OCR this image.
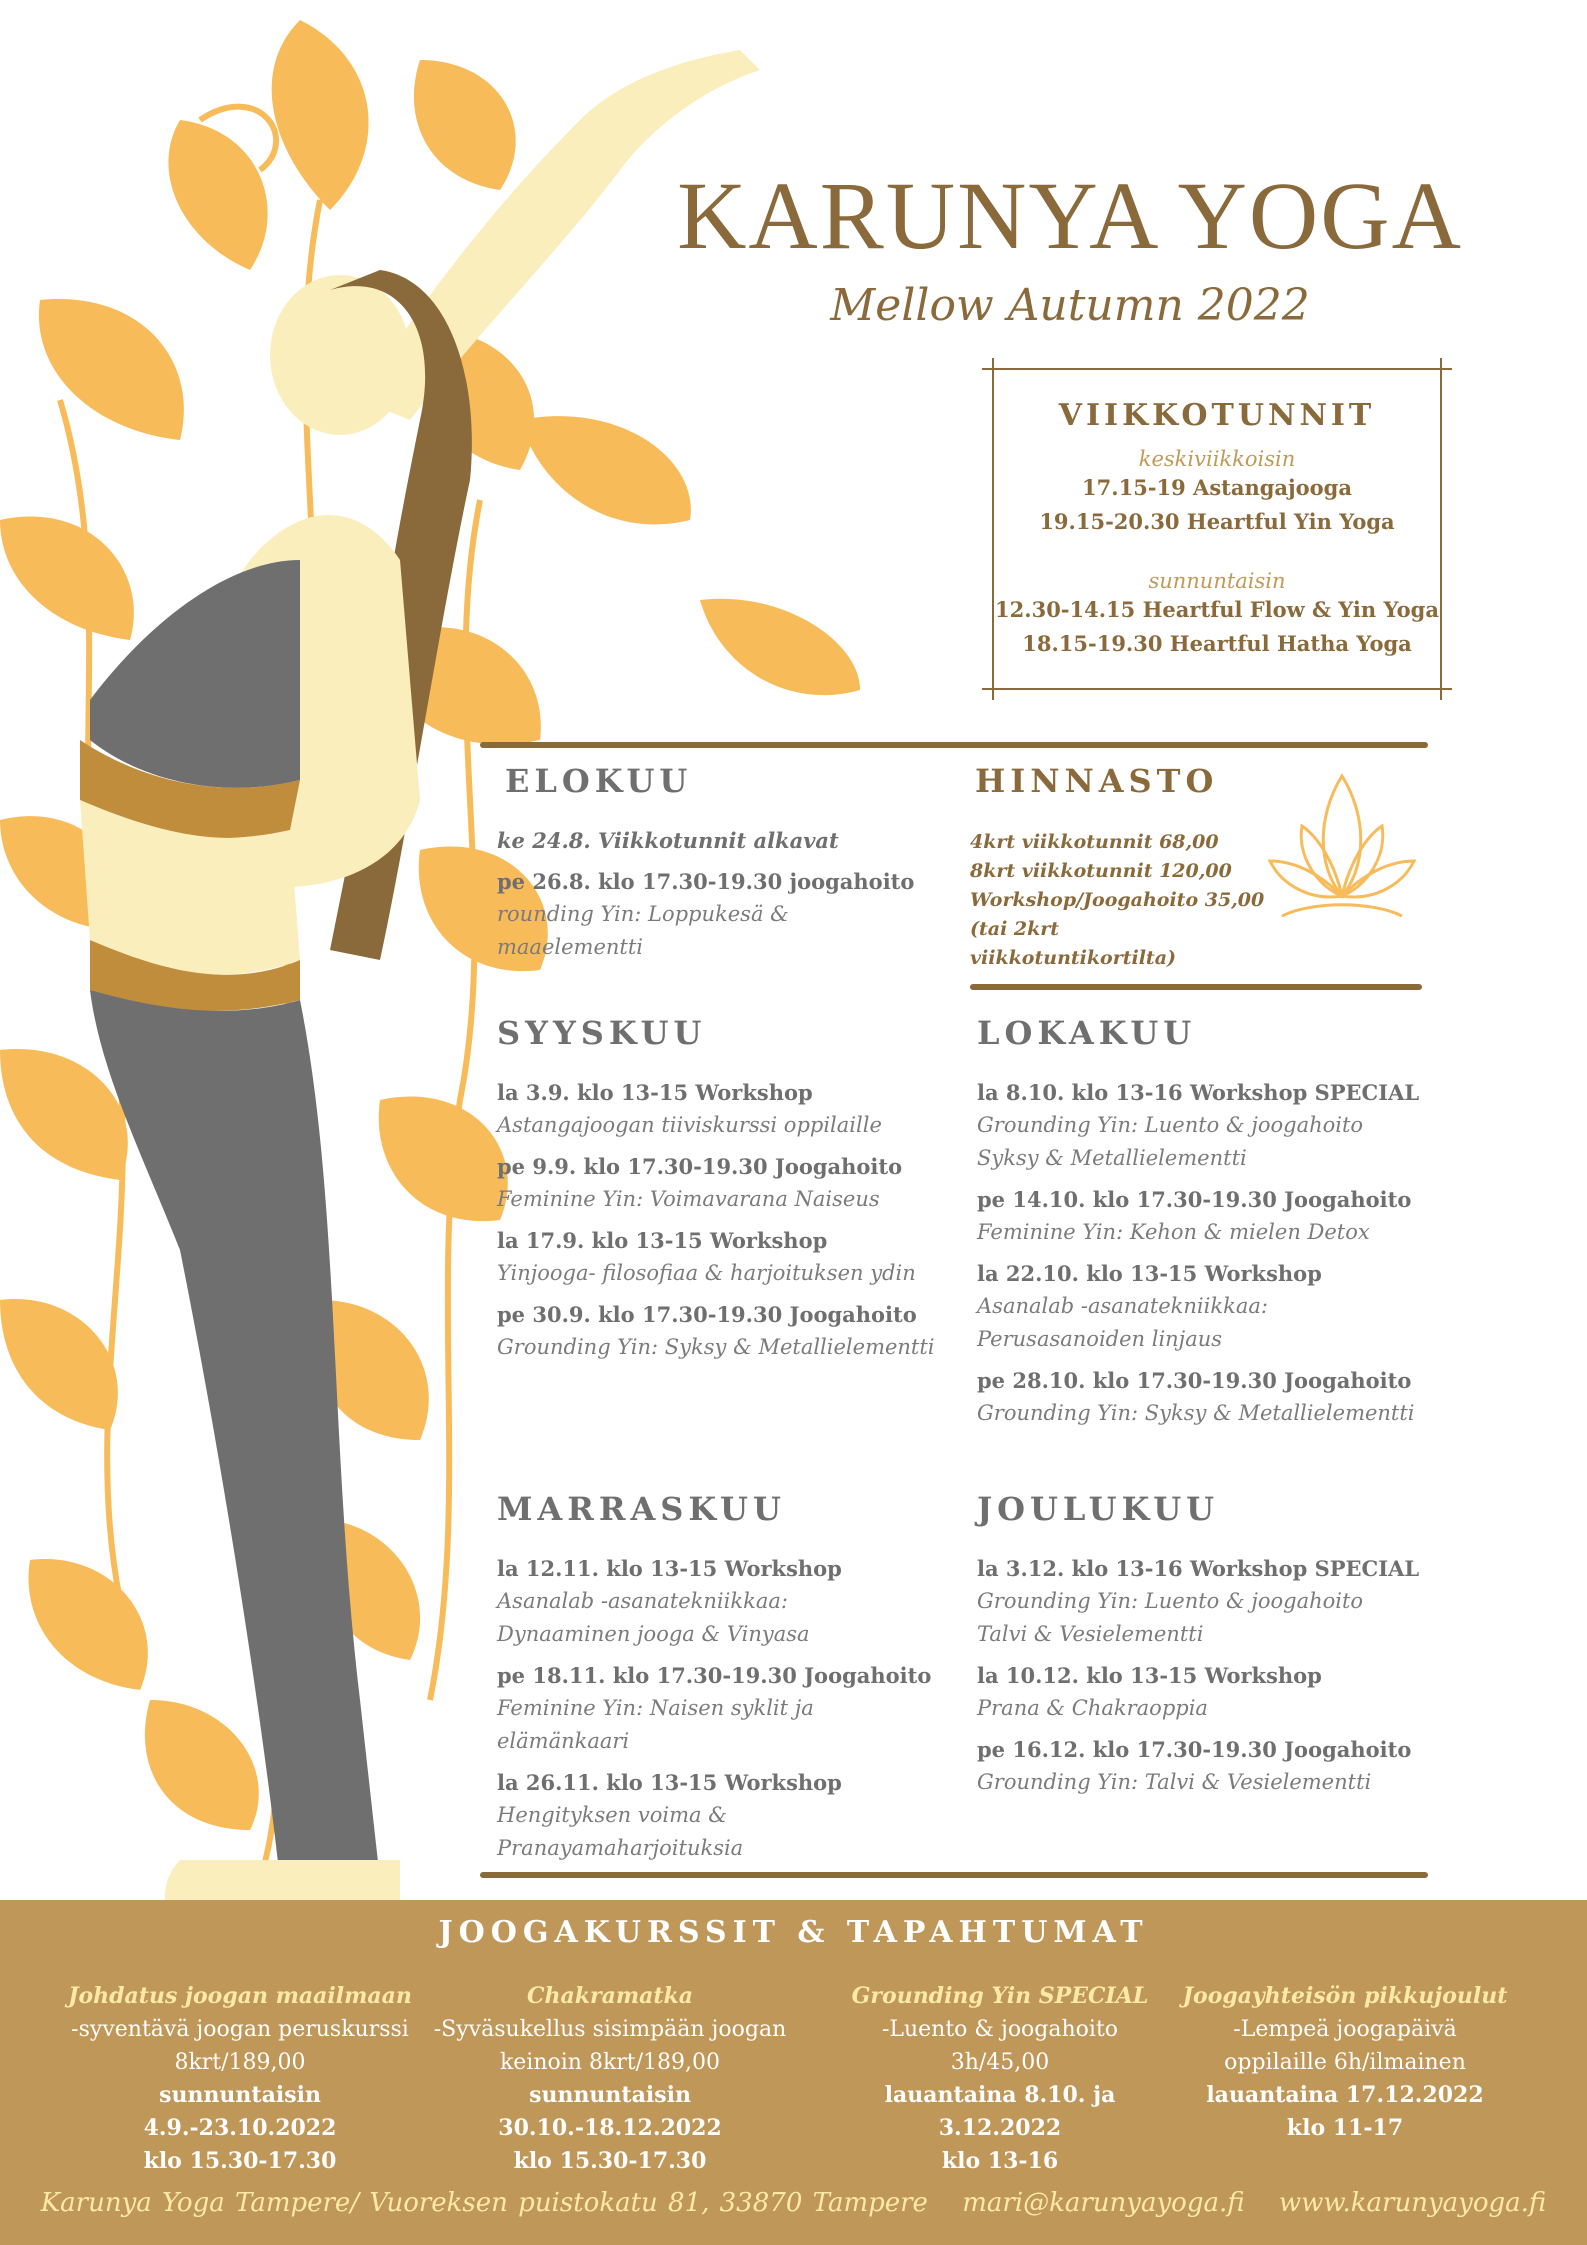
KARUNYA YOGA
Mellow Autumn 2022
VIIKKOTUNNIT
keskiviikkoisin
17.15-19 Astangajooga
19.15-20.30 Heartful Yin Yoga
sunnuntaisin
12.30-14.15 Heartful Flow & Yin Yoga
18.15-19.30 Heartful Hatha Yoga
ELOKUU
ke 24.8. Viikkotunnit alkavat
pe 26.8. klo 17.30-19.30 joogahoito
rounding Yin: Loppukesä &
maaelementti
HINNASTO
4krt viikkotunnit 68,00
8krt viikkotunnit 120,00
Workshop/Joogahoito 35,00
(tai 2krt viikkotuntikortilta)
SYYSKUU
la 3.9. klo 13-15 Workshop
Astangajoogan tiiviskurssi oppilaille
pe 9.9. klo 17.30-19.30 Joogahoito
Feminine Yin: Voimavarana Naiseus
la 17.9. klo 13-15 Workshop
Yinjooga- filosofiaa & harjoituksen ydin
pe 30.9. klo 17.30-19.30 Joogahoito
Grounding Yin: Syksy & Metallielementti
LOKAKUU
la 8.10. klo 13-16 Workshop SPECIAL
Grounding Yin: Luento & joogahoito
Syksy & Metallielementti
pe 14.10. klo 17.30-19.30 Joogahoito
Feminine Yin: Kehon & mielen Detox
la 22.10. klo 13-15 Workshop
Asanalab -asanatekniikkaa:
Perusasanoiden linjaus
pe 28.10. klo 17.30-19.30 Joogahoito
Grounding Yin: Syksy & Metallielementti
MARRASKUU
la 12.11. klo 13-15 Workshop
Asanalab -asanatekniikkaa:
Dynaaminen jooga & Vinyasa
pe 18.11. klo 17.30-19.30 Joogahoito
Feminine Yin: Naisen syklit ja
elämänkaari
la 26.11. klo 13-15 Workshop
Hengityksen voima &
Pranayamaharjoituksia
JOULUKUU
la 3.12. klo 13-16 Workshop SPECIAL
Grounding Yin: Luento & joogahoito
Talvi & Vesielementti
la 10.12. klo 13-15 Workshop
Prana & Chakraoppia
pe 16.12. klo 17.30-19.30 Joogahoito
Grounding Yin: Talvi & Vesielementti
JOOGAKURSSIT & TAPAHTUMAT
Johdatus joogan maailmaan
-syventävä joogan peruskurssi
8krt/189,00
sunnuntaisin 4.9.-23.10.2022
klo 15.30-17.30
Chakramatka
-Syväsukellus sisimpään joogan
keinoin 8krt/189,00
sunnuntaisin 30.10.-18.12.2022
klo 15.30-17.30
Grounding Yin SPECIAL
-Luento & joogahoito
3h/45,00
lauantaina 8.10. ja 3.12.2022
klo 13-16
Joogayhteisön pikkujoulut
-Lempeä joogapäivä
oppilaille 6h/ilmainen
lauantaina 17.12.2022
klo 11-17
Karunya Yoga Tampere/ Vuoreksen puistokatu 81, 33870 Tampere mari@karunyayoga.fi www.karunyayoga.fi
